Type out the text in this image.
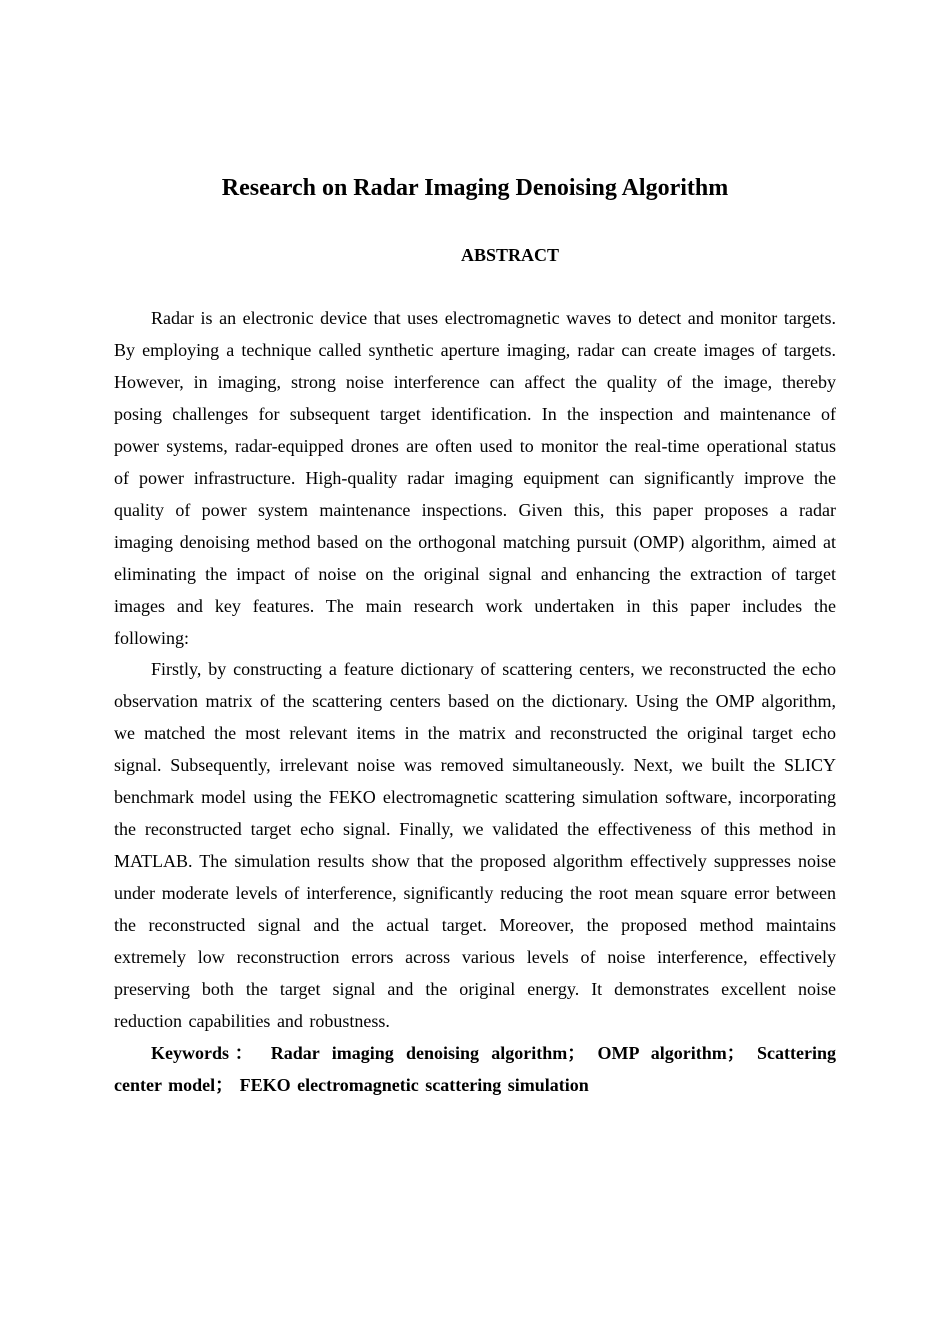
Research on Radar Imaging Denoising Algorithm
ABSTRACT

Radar is an electronic device that uses electromagnetic waves to detect and monitor targets. By employing a technique called synthetic aperture imaging, radar can create images of targets. However, in imaging, strong noise interference can affect the quality of the image, thereby posing challenges for subsequent target identification. In the inspection and maintenance of power systems, radar-equipped drones are often used to monitor the real-time operational status of power infrastructure. High-quality radar imaging equipment can significantly improve the quality of power system maintenance inspections. Given this, this paper proposes a radar imaging denoising method based on the orthogonal matching pursuit (OMP) algorithm, aimed at eliminating the impact of noise on the original signal and enhancing the extraction of target images and key features. The main research work undertaken in this paper includes the following:

Firstly, by constructing a feature dictionary of scattering centers, we reconstructed the echo observation matrix of the scattering centers based on the dictionary. Using the OMP algorithm, we matched the most relevant items in the matrix and reconstructed the original target echo signal. Subsequently, irrelevant noise was removed simultaneously. Next, we built the SLICY benchmark model using the FEKO electromagnetic scattering simulation software, incorporating the reconstructed target echo signal. Finally, we validated the effectiveness of this method in MATLAB. The simulation results show that the proposed algorithm effectively suppresses noise under moderate levels of interference, significantly reducing the root mean square error between the reconstructed signal and the actual target. Moreover, the proposed method maintains extremely low reconstruction errors across various levels of noise interference, effectively preserving both the target signal and the original energy. It demonstrates excellent noise reduction capabilities and robustness.

Keywords： Radar imaging denoising algorithm； OMP algorithm； Scattering center model； FEKO electromagnetic scattering simulation
